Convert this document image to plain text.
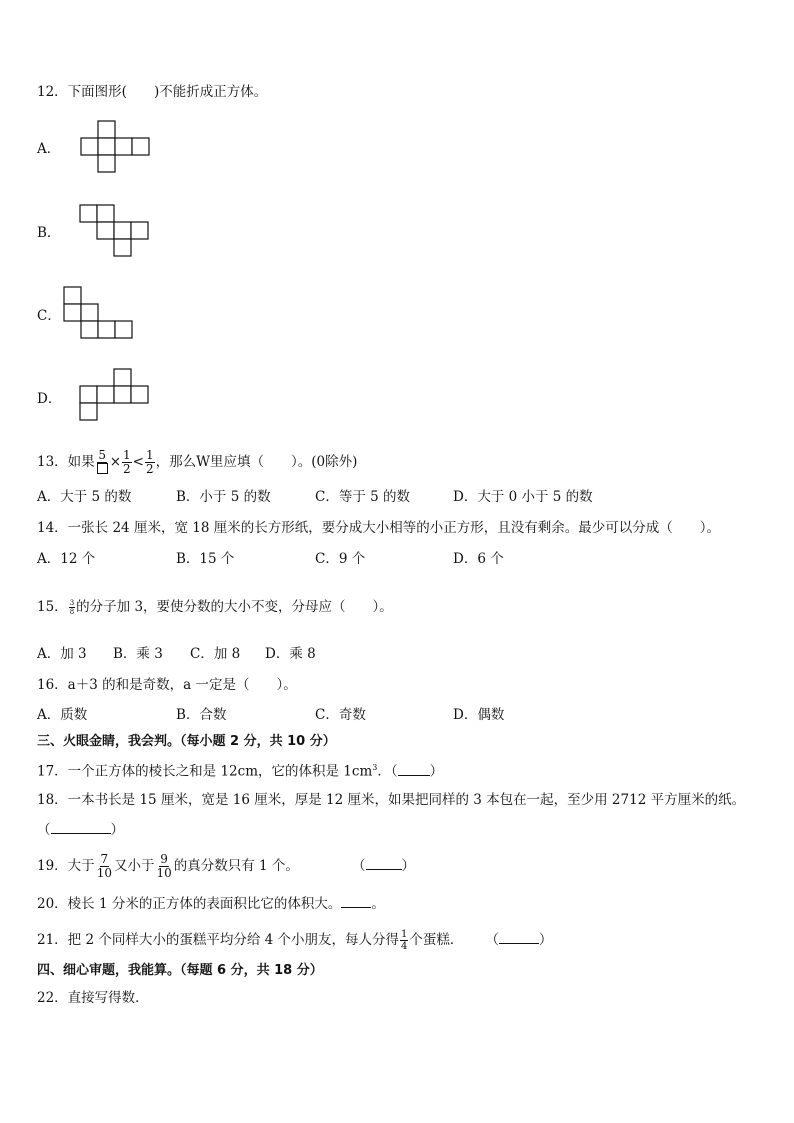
12．下面图形(　　)不能折成正方体。
A．
B．
C．
D．
13．如果 $5 \times \frac{1}{2} < \frac{1}{2}$ ，那么W里应填（　　）。(0除外)
A．大于 5 的数	B．小于 5 的数	C．等于 5 的数	D．大于 0 小于 5 的数
14．一张长 24 厘米，宽 18 厘米的长方形纸，要分成大小相等的小正方形，且没有剩余。最少可以分成（　　）。
A．12 个	B．15 个	C．9 个	D．6 个
15． $\frac{3}{8}$ 的分子加 3，要使分数的大小不变，分母应（　　）。
A．加 3 B．乘 3 C．加 8 D．乘 8
16．a＋3 的和是奇数，a 一定是（　　）。
A．质数	B．合数	C．奇数	D．偶数
三、火眼金睛，我会判。（每小题 2 分，共 10 分）
17．一个正方体的棱长之和是 12cm，它的体积是 $1cm^3$．（ ）
18．一本书长是 15 厘米，宽是 16 厘米，厚是 12 厘米，如果把同样的 3 本包在一起，至少用 2712 平方厘米的纸。
（	）
19．大于 $\frac{7}{10}$ 又小于 $\frac{9}{10}$ 的真分数只有 1 个。	（	）
20．棱长 1 分米的正方体的表面积比它的体积大。 。
21．把 2 个同样大小的蛋糕平均分给 4 个小朋友，每人分得 $\frac{1}{4}$ 个蛋糕． （	）
四、细心审题，我能算。（每题 6 分，共 18 分）
22．直接写得数．
